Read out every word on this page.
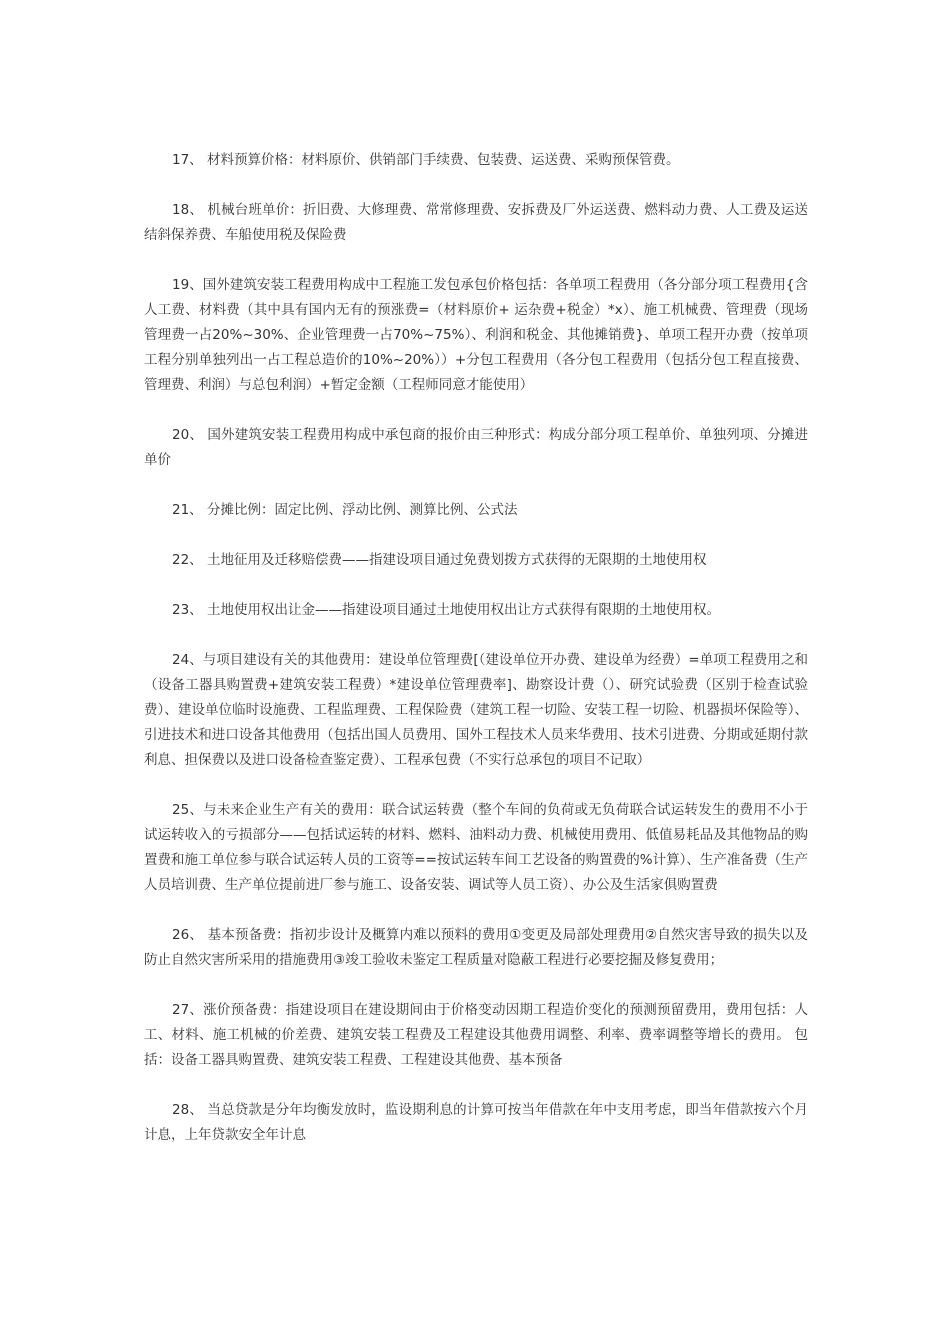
17、 材料预算价格：材料原价、供销部门手续费、包装费、运送费、采购预保管费。

18、 机械台班单价：折旧费、大修理费、常常修理费、安拆费及厂外运送费、燃料动力费、人工费及运送结斜保养费、车船使用税及保险费

19、国外建筑安装工程费用构成中工程施工发包承包价格包括：各单项工程费用（各分部分项工程费用{含人工费、材料费（其中具有国内无有的预涨费=（材料原价+ 运杂费+税金）*x）、施工机械费、管理费（现场管理费一占20%~30%、企业管理费一占70%~75%）、利润和税金、其他摊销费}、单项工程开办费（按单项工程分别单独列出一占工程总造价的10%~20%））+分包工程费用（各分包工程费用（包括分包工程直接费、管理费、利润）与总包利润）+暂定金额（工程师同意才能使用）

20、 国外建筑安装工程费用构成中承包商的报价由三种形式：构成分部分项工程单价、单独列项、分摊进单价

21、 分摊比例：固定比例、浮动比例、测算比例、公式法

22、 土地征用及迁移赔偿费——指建设项目通过免费划拨方式获得的无限期的土地使用权

23、 土地使用权出让金——指建设项目通过土地使用权出让方式获得有限期的土地使用权。

24、与项目建设有关的其他费用：建设单位管理费[（建设单位开办费、建设单为经费）=单项工程费用之和（设备工器具购置费+建筑安装工程费）*建设单位管理费率]、勘察设计费（）、研究试验费（区别于检查试验费）、建设单位临时设施费、工程监理费、工程保险费（建筑工程一切险、安装工程一切险、机器损坏保险等）、引进技术和进口设备其他费用（包括出国人员费用、国外工程技术人员来华费用、技术引进费、分期或延期付款利息、担保费以及进口设备检查鉴定费）、工程承包费（不实行总承包的项目不记取）

25、与未来企业生产有关的费用：联合试运转费（整个车间的负荷或无负荷联合试运转发生的费用不小于试运转收入的亏损部分——包括试运转的材料、燃料、油料动力费、机械使用费用、低值易耗品及其他物品的购置费和施工单位参与联合试运转人员的工资等==按试运转车间工艺设备的购置费的%计算）、生产准备费（生产人员培训费、生产单位提前进厂参与施工、设备安装、调试等人员工资）、办公及生活家俱购置费

26、 基本预备费：指初步设计及概算内难以预料的费用①变更及局部处理费用②自然灾害导致的损失以及防止自然灾害所采用的措施费用③竣工验收未鉴定工程质量对隐蔽工程进行必要挖掘及修复费用；

27、涨价预备费：指建设项目在建设期间由于价格变动因期工程造价变化的预测预留费用，费用包括：人工、材料、施工机械的价差费、建筑安装工程费及工程建设其他费用调整、利率、费率调整等增长的费用。 包括：设备工器具购置费、建筑安装工程费、工程建设其他费、基本预备

28、 当总贷款是分年均衡发放时，监设期利息的计算可按当年借款在年中支用考虑，即当年借款按六个月计息，上年贷款安全年计息
